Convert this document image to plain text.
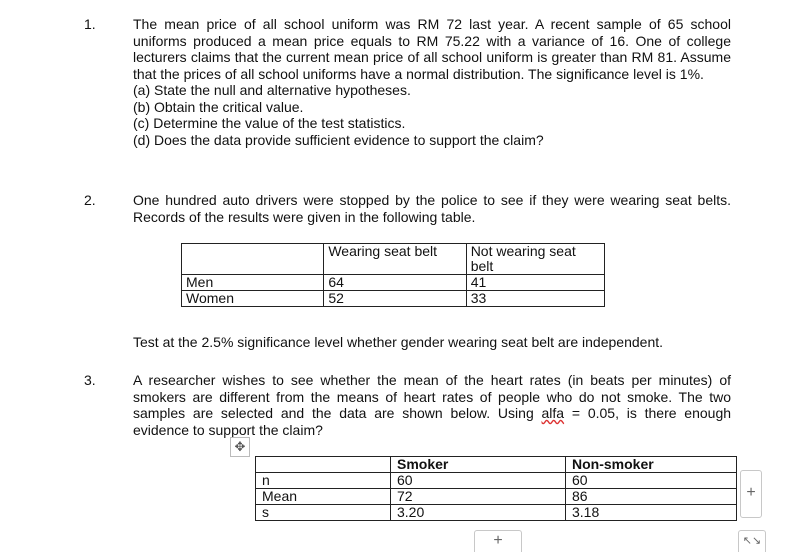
1.	The mean price of all school uniform was RM 72 last year. A recent sample of 65 school uniforms produced a mean price equals to RM 75.22 with a variance of 16. One of college lecturers claims that the current mean price of all school uniform is greater than RM 81. Assume that the prices of all school uniforms have a normal distribution. The significance level is 1%.

(a) State the null and alternative hypotheses.
(b) Obtain the critical value.
(c) Determine the value of the test statistics.
(d) Does the data provide sufficient evidence to support the claim?
2.	One hundred auto drivers were stopped by the police to see if they were wearing seat belts. Records of the results were given in the following table.

	Wearing seat belt	Not wearing seat belt
Men	64	41
Women	52	33

Test at the 2.5% significance level whether gender wearing seat belt are independent.

3.	A researcher wishes to see whether the mean of the heart rates (in beats per minutes) of smokers are different from the means of heart rates of people who do not smoke. The two samples are selected and the data are shown below. Using alfa = 0.05, is there enough evidence to support the claim?

✥
	Smoker	Non-smoker
n	60	60
Mean	72	86
s	3.20	3.18
+
+	↖↘
